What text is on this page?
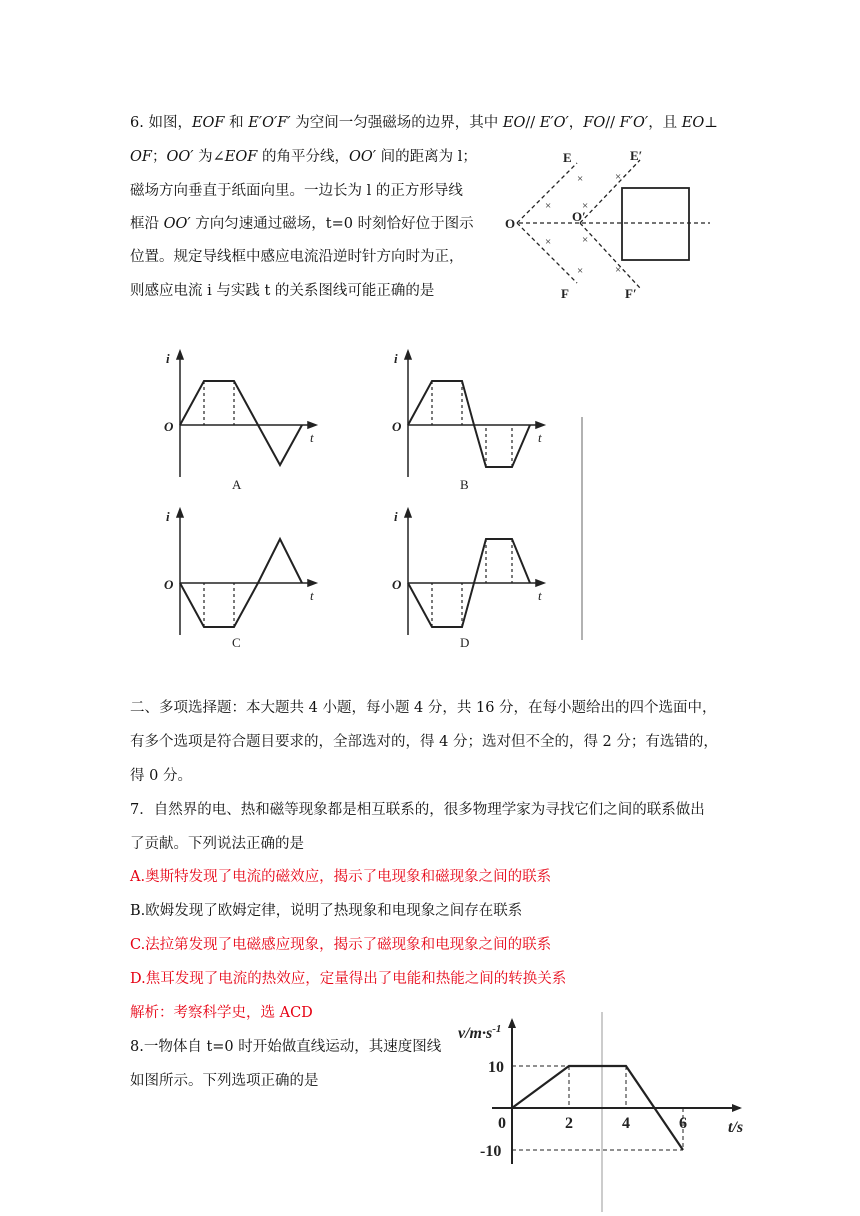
6. 如图，EOF 和 E′O′F′ 为空间一匀强磁场的边界，其中 EO// E′O′，FO// F′O′，且 EO⊥
OF；OO′ 为∠EOF 的角平分线，OO′ 间的距离为 l；
磁场方向垂直于纸面向里。一边长为 l 的正方形导线
框沿 OO′ 方向匀速通过磁场，t=0 时刻恰好位于图示
位置。规定导线框中感应电流沿逆时针方向时为正，
则感应电流 i 与实践 t 的关系图线可能正确的是
E	E′
O	O′
F	F′
×	×
×	×
×	×
×	×
i
t
O
A
i
t
O
B
i
t
O
C
i
t
O
D
二、多项选择题：本大题共 4 小题，每小题 4 分，共 16 分，在每小题给出的四个选面中，
有多个选项是符合题目要求的，全部选对的，得 4 分；选对但不全的，得 2 分；有选错的，
得 0 分。
7．自然界的电、热和磁等现象都是相互联系的，很多物理学家为寻找它们之间的联系做出
了贡献。下列说法正确的是
A.奥斯特发现了电流的磁效应，揭示了电现象和磁现象之间的联系
B.欧姆发现了欧姆定律，说明了热现象和电现象之间存在联系
C.法拉第发现了电磁感应现象，揭示了磁现象和电现象之间的联系
D.焦耳发现了电流的热效应，定量得出了电能和热能之间的转换关系
解析：考察科学史，选 ACD
8.一物体自 t=0 时开始做直线运动，其速度图线
如图所示。下列选项正确的是
0	2	4	6
10
-10
$v/m\cdot s^{-1}$
t/s
